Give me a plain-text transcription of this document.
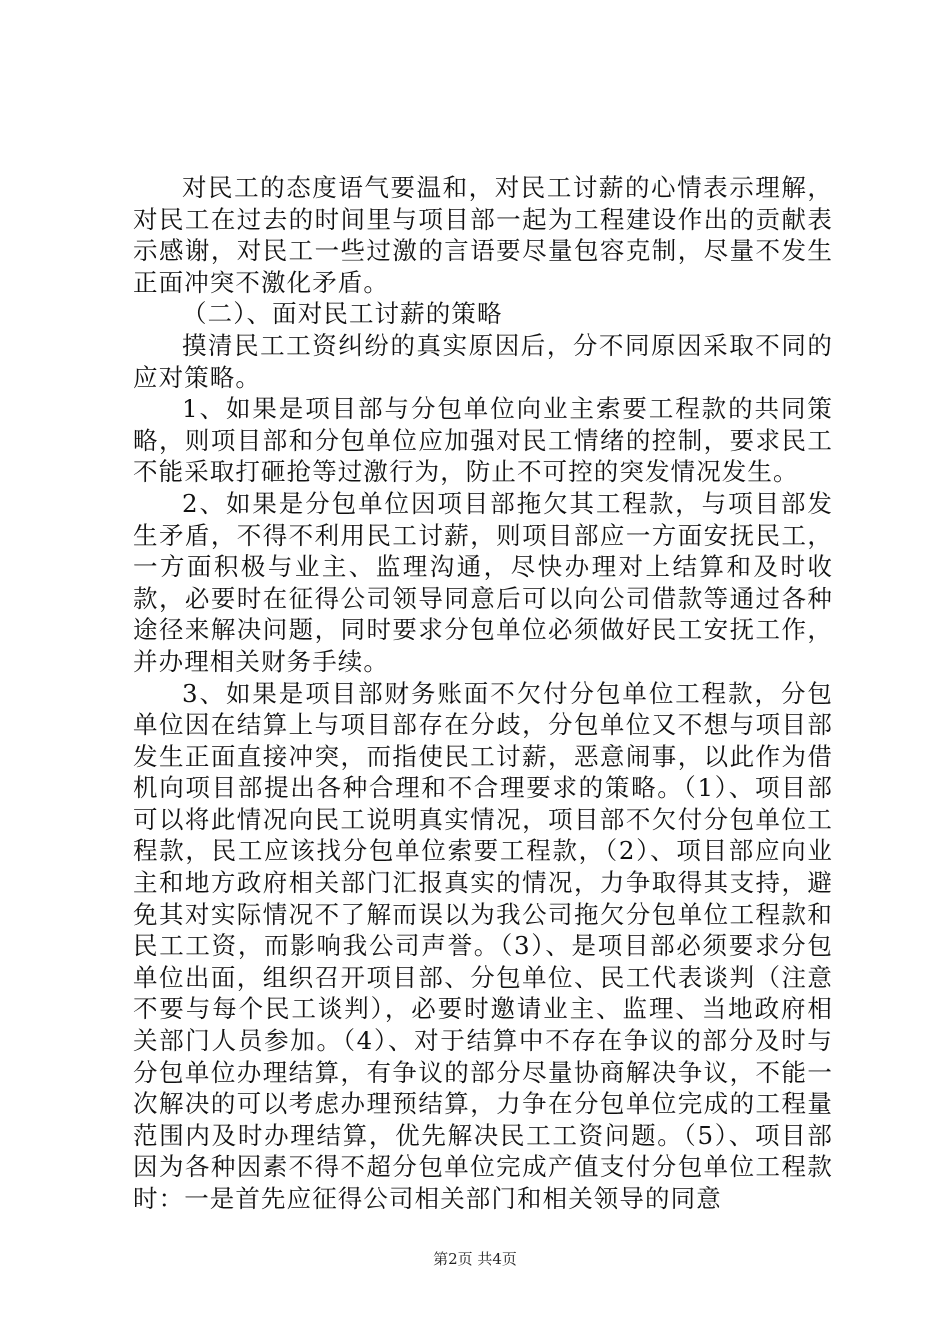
对民工的态度语气要温和，对民工讨薪的心情表示理解，对民工在过去的时间里与项目部一起为工程建设作出的贡献表示感谢，对民工一些过激的言语要尽量包容克制，尽量不发生正面冲突不激化矛盾。

（二）、面对民工讨薪的策略

摸清民工工资纠纷的真实原因后，分不同原因采取不同的应对策略。

1、如果是项目部与分包单位向业主索要工程款的共同策略，则项目部和分包单位应加强对民工情绪的控制，要求民工不能采取打砸抢等过激行为，防止不可控的突发情况发生。

2、如果是分包单位因项目部拖欠其工程款，与项目部发生矛盾，不得不利用民工讨薪，则项目部应一方面安抚民工，一方面积极与业主、监理沟通，尽快办理对上结算和及时收款，必要时在征得公司领导同意后可以向公司借款等通过各种途径来解决问题，同时要求分包单位必须做好民工安抚工作，并办理相关财务手续。

3、如果是项目部财务账面不欠付分包单位工程款，分包单位因在结算上与项目部存在分歧，分包单位又不想与项目部发生正面直接冲突，而指使民工讨薪，恶意闹事，以此作为借机向项目部提出各种合理和不合理要求的策略。（1）、项目部可以将此情况向民工说明真实情况，项目部不欠付分包单位工程款，民工应该找分包单位索要工程款，（2）、项目部应向业主和地方政府相关部门汇报真实的情况，力争取得其支持，避免其对实际情况不了解而误以为我公司拖欠分包单位工程款和民工工资，而影响我公司声誉。（3）、是项目部必须要求分包单位出面，组织召开项目部、分包单位、民工代表谈判（注意不要与每个民工谈判），必要时邀请业主、监理、当地政府相关部门人员参加。（4）、对于结算中不存在争议的部分及时与分包单位办理结算，有争议的部分尽量协商解决争议，不能一次解决的可以考虑办理预结算，力争在分包单位完成的工程量范围内及时办理结算，优先解决民工工资问题。（5）、项目部因为各种因素不得不超分包单位完成产值支付分包单位工程款时：一是首先应征得公司相关部门和相关领导的同意

第2页 共4页
